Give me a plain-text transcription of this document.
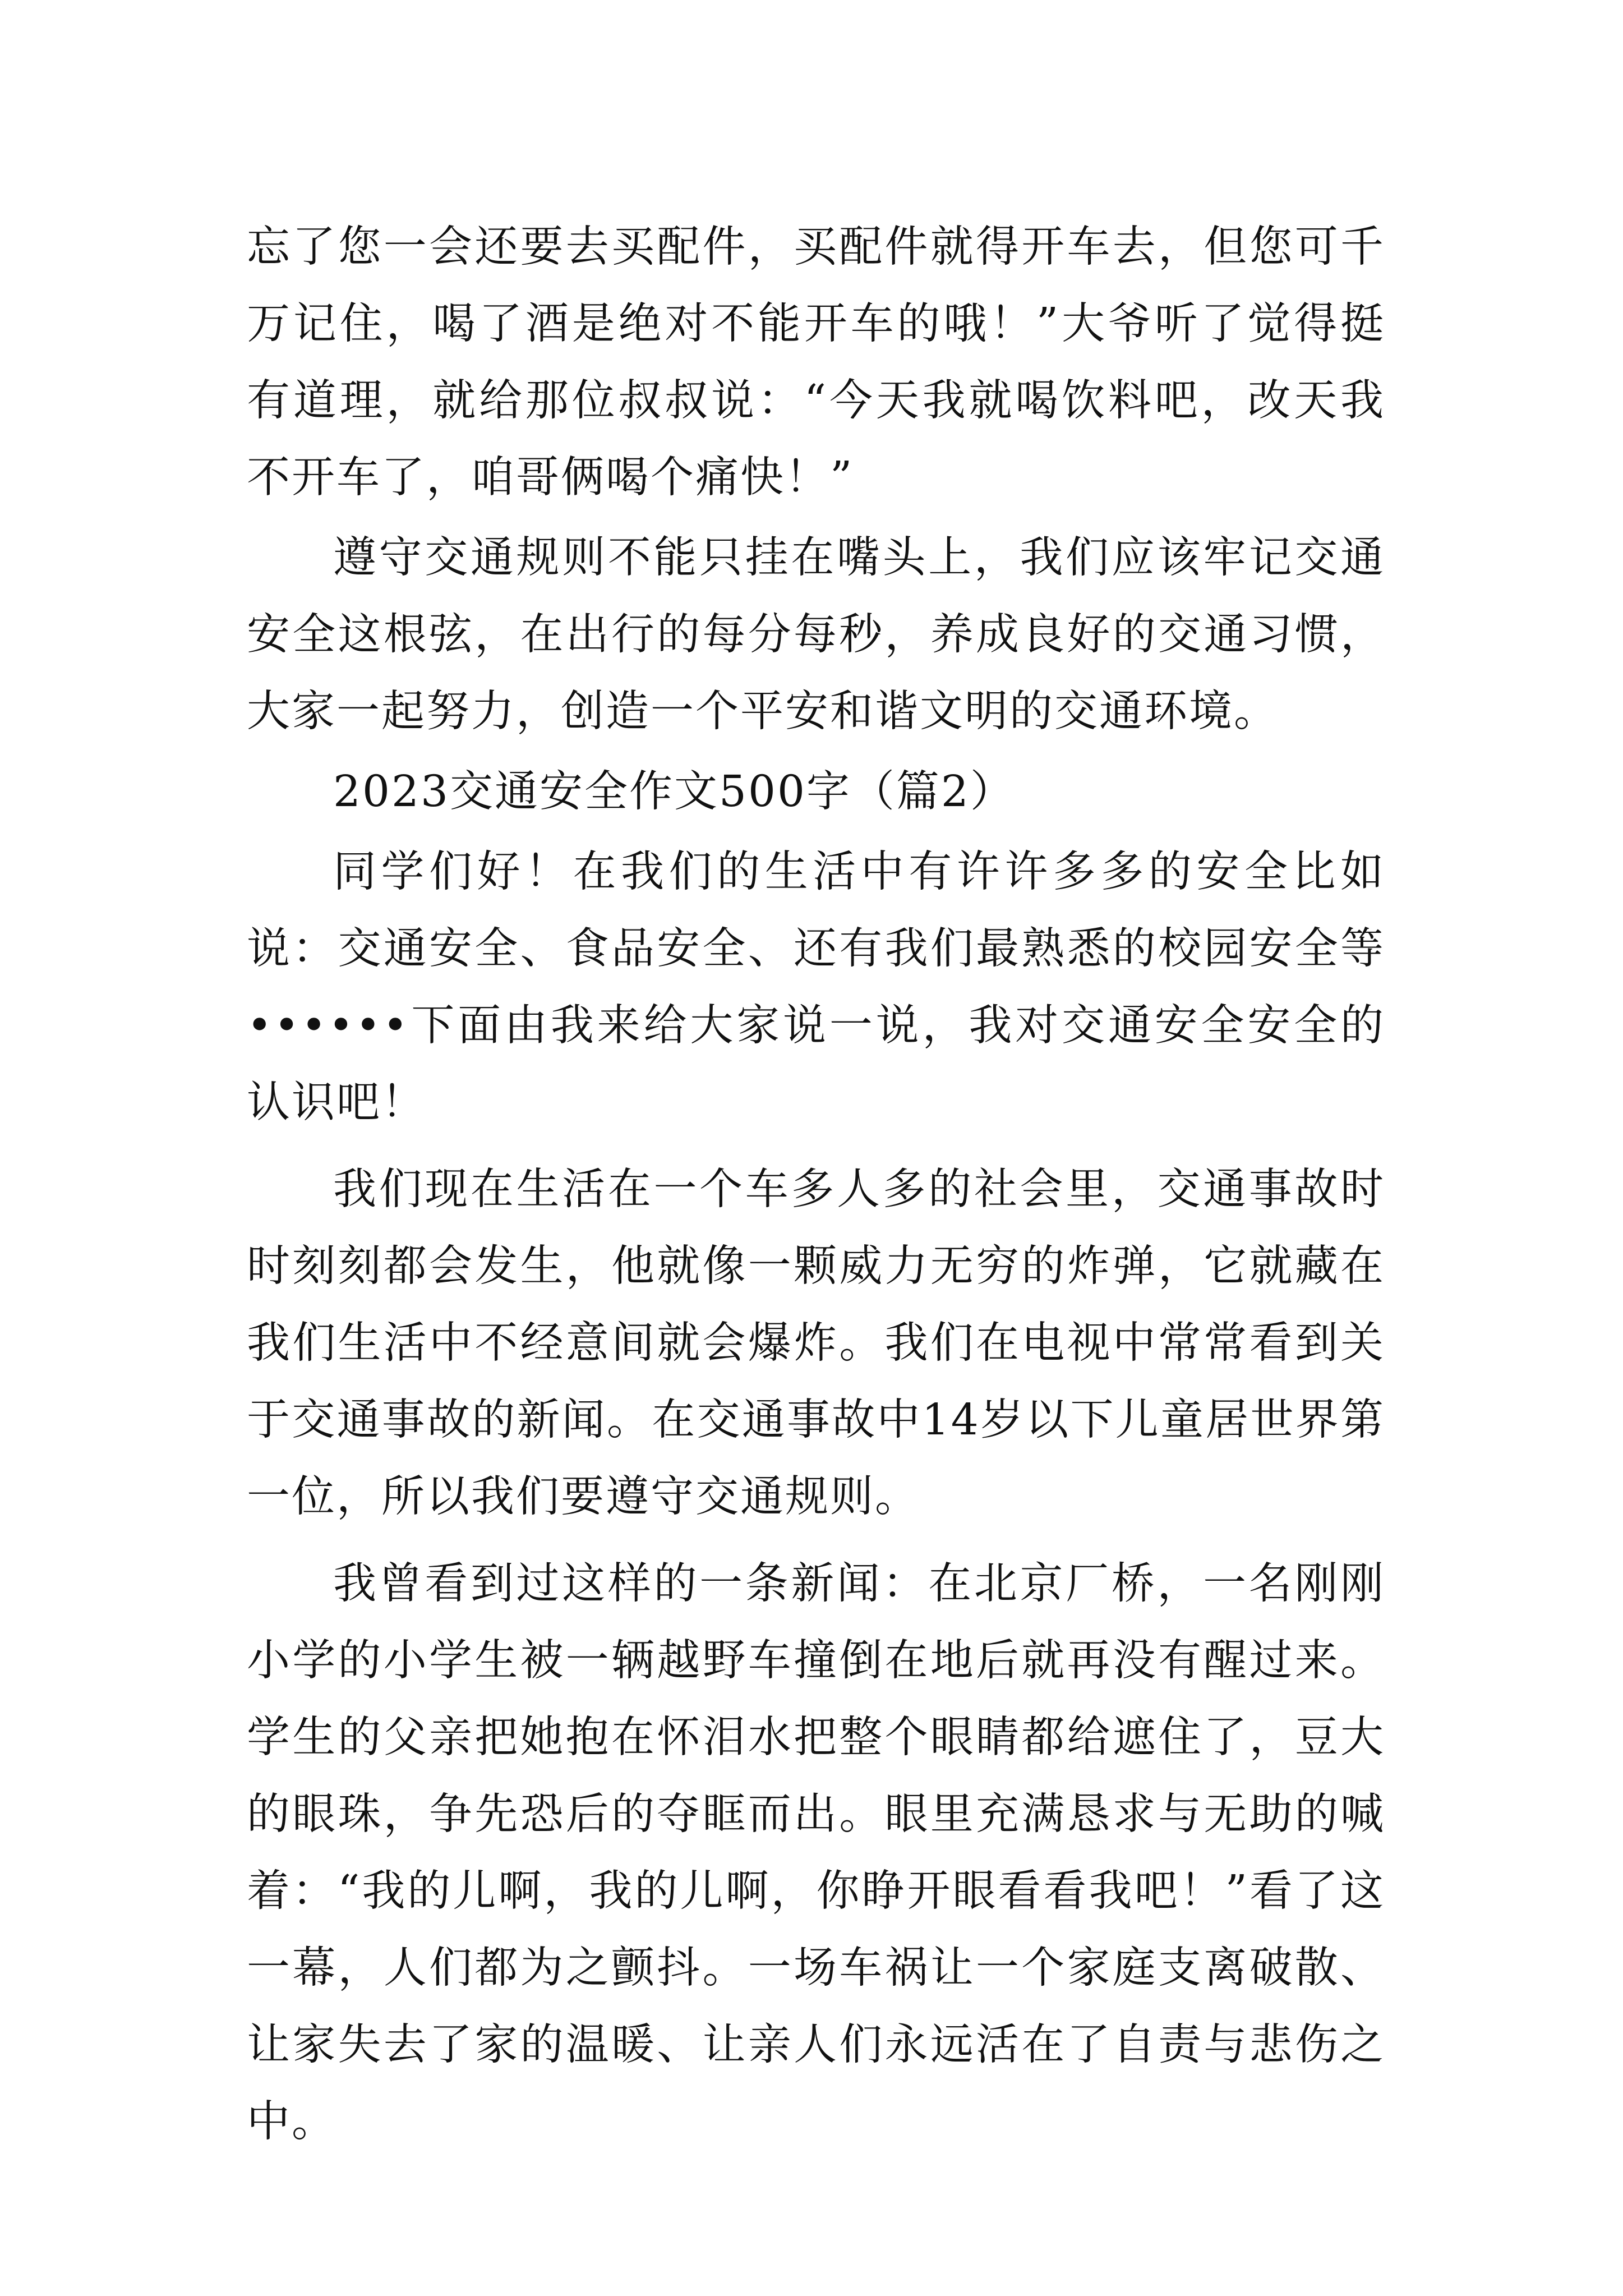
忘了您一会还要去买配件，买配件就得开车去，但您可千万记住，喝了酒是绝对不能开车的哦！”大爷听了觉得挺有道理，就给那位叔叔说：“今天我就喝饮料吧，改天我不开车了，咱哥俩喝个痛快！”

遵守交通规则不能只挂在嘴头上，我们应该牢记交通安全这根弦，在出行的每分每秒，养成良好的交通习惯，大家一起努力，创造一个平安和谐文明的交通环境。

2023交通安全作文500字（篇2）

同学们好！在我们的生活中有许许多多的安全比如说：交通安全、食品安全、还有我们最熟悉的校园安全等••••••下面由我来给大家说一说，我对交通安全安全的认识吧！

我们现在生活在一个车多人多的社会里，交通事故时时刻刻都会发生，他就像一颗威力无穷的炸弹，它就藏在我们生活中不经意间就会爆炸。我们在电视中常常看到关于交通事故的新闻。在交通事故中14岁以下儿童居世界第一位，所以我们要遵守交通规则。

我曾看到过这样的一条新闻：在北京厂桥，一名刚刚小学的小学生被一辆越野车撞倒在地后就再没有醒过来。学生的父亲把她抱在怀泪水把整个眼睛都给遮住了，豆大的眼珠，争先恐后的夺眶而出。眼里充满恳求与无助的喊着：“我的儿啊，我的儿啊，你睁开眼看看我吧！”看了这一幕，人们都为之颤抖。一场车祸让一个家庭支离破散、让家失去了家的温暖、让亲人们永远活在了自责与悲伤之中。
